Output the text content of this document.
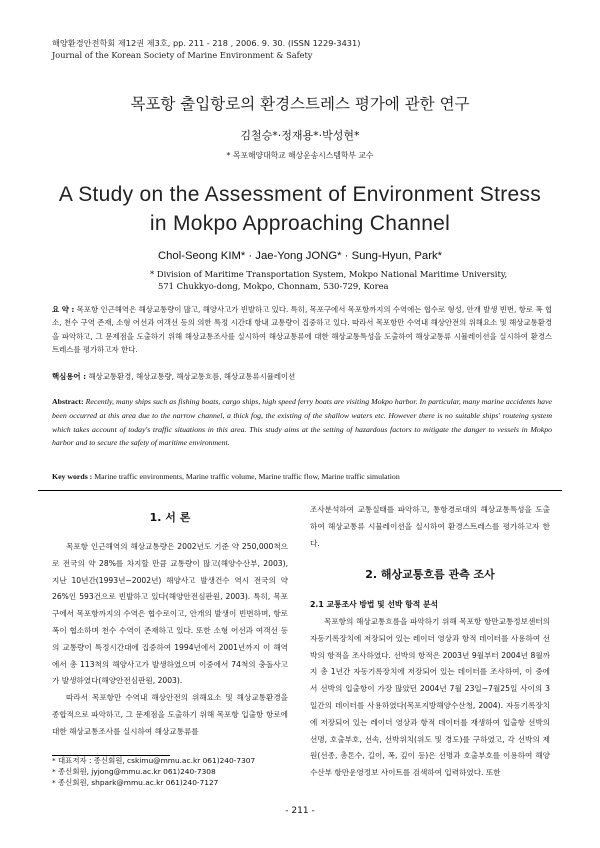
해양환경안전학회 제12권 제3호, pp. 211 - 218 , 2006. 9. 30. (ISSN 1229-3431)
Journal of the Korean Society of Marine Environment & Safety
목포항 출입항로의 환경스트레스 평가에 관한 연구
김철승*·정재용*·박성현*
* 목포해양대학교 해상운송시스템학부 교수
A Study on the Assessment of Environment Stress
in Mokpo Approaching Channel
Chol-Seong KIM* · Jae-Yong JONG* · Sung-Hyun, Park*
* Division of Maritime Transportation System, Mokpo National Maritime University,
571 Chukkyo-dong, Mokpo, Chonnam, 530-729, Korea
요 약 : 목포항 인근해역은 해상교통량이 많고, 해양사고가 빈발하고 있다. 특히, 목포구에서 목포항까지의 수역에는 협수로 형성, 안개 발생 빈번, 항로 폭 협소, 천수 구역 존재, 소형 어선과 여객선 등의 의한 특정 시간대 항내 교통량이 집중하고 있다. 따라서 목포항만 수역내 해상안전의 위해요소 및 해상교통환경을 파악하고, 그 문제점을 도출하기 위해 해상교통조사를 실시하여 해상교통류에 대한 해상교통특성을 도출하여 해상교통류 시뮬레이션을 실시하여 환경스트레스를 평가하고자 한다.
핵심용어 : 해상교통환경, 해상교통량, 해상교통흐름, 해상교통류시뮬레이션
Abstract: Recently, many ships such as fishing boats, cargo ships, high speed ferry boats are visiting Mokpo harbor. In particular, many marine accidents have been occurred at this area due to the narrow channel, a thick fog, the existing of the shallow waters etc. However there is no suitable ships' routeing system which takes account of today's traffic situations in this area. This study aims at the setting of hazardous factors to mitigate the danger to vessels in Mokpo harbor and to secure the safety of maritime environment.
Key words : Marine traffic environments, Marine traffic volume, Marine traffic flow, Marine traffic simulation
1. 서 론

목포항 인근해역의 해상교통량은 2002년도 기준 약 250,000척으로 전국의 약 28%를 차지할 만큼 교통량이 많고(해양수산부, 2003), 지난 10년간(1993년~2002년) 해양사고 발생건수 역시 전국의 약 26%인 593건으로 빈발하고 있다(해양안전심판원, 2003). 특히, 목포구에서 목포항까지의 수역은 협수로이고, 안개의 발생이 빈번하며, 항로폭이 협소하며 천수 수역이 존재하고 있다. 또한 소형 어선과 여객선 등의 교통량이 특정시간대에 집중하여 1994년에서 2001년까지 이 해역에서 총 113척의 해양사고가 발생하였으며 이중에서 74척의 충돌사고가 발생하였다(해양안전심판원, 2003).

따라서 목포항만 수역내 해상안전의 위해요소 및 해상교통환경을 종합적으로 파악하고, 그 문제점을 도출하기 위해 목포항 입출항 항로에 대한 해상교통조사를 실시하여 해상교통류를

* 대표저자 : 종신회원, cskimu@mmu.ac.kr 061)240-7307
* 종신회원, jyjong@mmu.ac.kr 061)240-7308
* 종신회원, shpark@mmu.ac.kr 061)240-7127

조사분석하여 교통실태를 파악하고, 통항경로대의 해상교통특성을 도출하여 해상교통류 시뮬레이션을 실시하여 환경스트레스를 평가하고자 한다.

2. 해상교통흐름 관측 조사
2.1 교통조사 방법 및 선박 항적 분석

목포항의 해상교통흐름을 파악하기 위해 목포항 항만교통정보센터의 자동기록장치에 저장되어 있는 레이더 영상과 항적 데이터를 사용하여 선박의 항적을 조사하였다. 선박의 항적은 2003년 9월부터 2004년 8월까지 총 1년간 자동기록장치에 저장되어 있는 데이터를 조사하여, 이 중에서 선박의 입출항이 가장 많았던 2004년 7월 23일~7월25일 사이의 3일간의 데이터를 사용하였다(목포지방해양수산청, 2004). 자동기록장치에 저장되어 있는 레이더 영상과 항적 데이터를 재생하여 입출항 선박의 선명, 호출부호, 선속, 선박위치(위도 및 경도)를 구하였고, 각 선박의 제원(선종, 총톤수, 길이, 폭, 깊이 등)은 선명과 호출부호를 이용하여 해양수산부 항만운영정보 사이트를 검색하여 입력하였다. 또한

- 211 -
